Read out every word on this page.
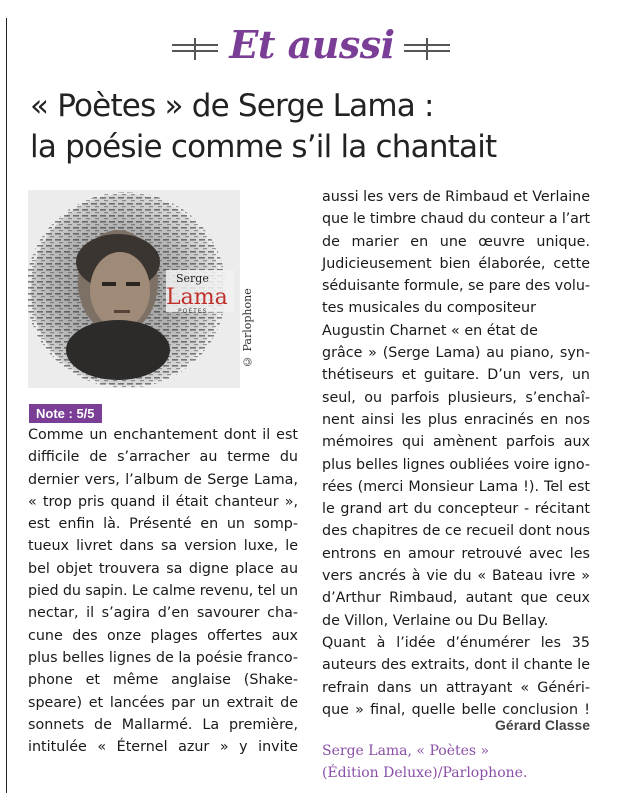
Et aussi
« Poètes » de Serge Lama :
la poésie comme s’il la chantait
Serge
Lama
POÈTES	© Parlophone
Note : 5/5
Comme un enchantement dont il est
difficile de s’arracher au terme du
dernier vers, l’album de Serge Lama,
« trop pris quand il était chanteur »,
est enfin là. Présenté en un somp-
tueux livret dans sa version luxe, le
bel objet trouvera sa digne place au
pied du sapin. Le calme revenu, tel un
nectar, il s’agira d’en savourer cha-
cune des onze plages offertes aux
plus belles lignes de la poésie franco-
phone et même anglaise (Shake-
speare) et lancées par un extrait de
sonnets de Mallarmé. La première,
intitulée « Éternel azur » y invite
aussi les vers de Rimbaud et Verlaine
que le timbre chaud du conteur a l’art
de marier en une œuvre unique.
Judicieusement bien élaborée, cette
séduisante formule, se pare des volu-
tes musicales du compositeur
Augustin Charnet « en état de
grâce » (Serge Lama) au piano, syn-
thétiseurs et guitare. D’un vers, un
seul, ou parfois plusieurs, s’enchaî-
nent ainsi les plus enracinés en nos
mémoires qui amènent parfois aux
plus belles lignes oubliées voire igno-
rées (merci Monsieur Lama !). Tel est
le grand art du concepteur - récitant
des chapitres de ce recueil dont nous
entrons en amour retrouvé avec les
vers ancrés à vie du « Bateau ivre »
d’Arthur Rimbaud, autant que ceux
de Villon, Verlaine ou Du Bellay.
Quant à l’idée d’énumérer les 35
auteurs des extraits, dont il chante le
refrain dans un attrayant « Généri-
que » final, quelle belle conclusion !
Gérard Classe
Serge Lama, « Poètes »
(Édition Deluxe)/Parlophone.
